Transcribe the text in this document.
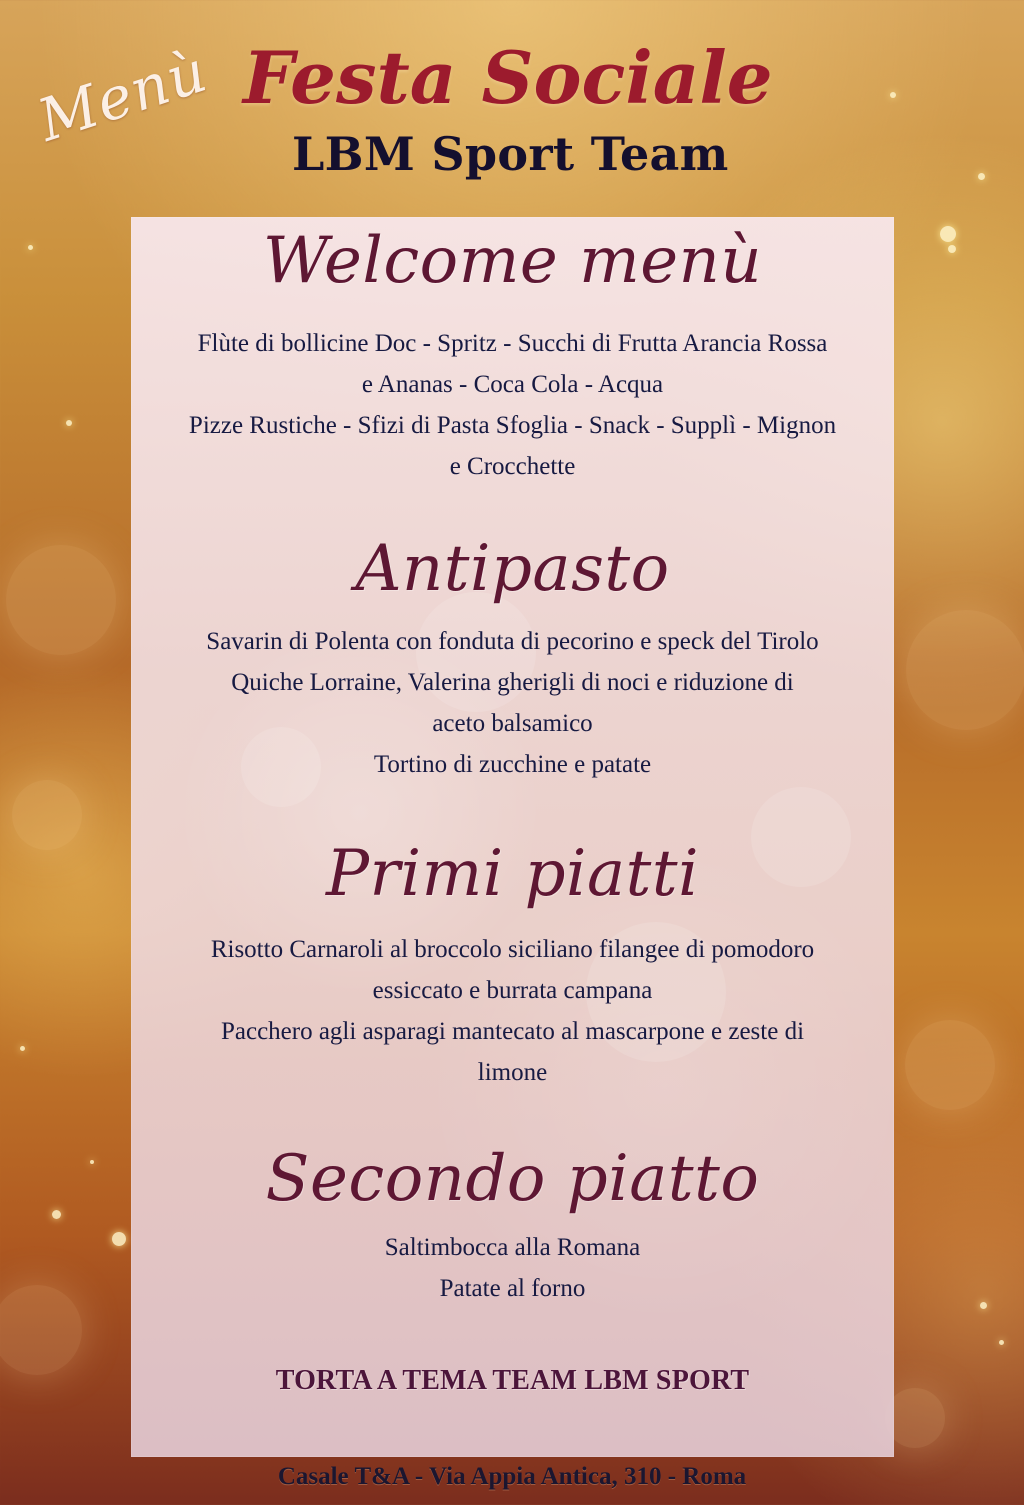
Menù Festa Sociale
LBM Sport Team
Welcome menù
Flùte di bollicine Doc - Spritz - Succhi di Frutta Arancia Rossa
e Ananas - Coca Cola - Acqua
Pizze Rustiche - Sfizi di Pasta Sfoglia - Snack - Supplì - Mignon
e Crocchette
Antipasto
Savarin di Polenta con fonduta di pecorino e speck del Tirolo
Quiche Lorraine, Valerina gherigli di noci e riduzione di
aceto balsamico
Tortino di zucchine e patate
Primi piatti
Risotto Carnaroli al broccolo siciliano filangee di pomodoro
essiccato e burrata campana
Pacchero agli asparagi mantecato al mascarpone e zeste di
limone
Secondo piatto
Saltimbocca alla Romana
Patate al forno
TORTA A TEMA TEAM LBM SPORT
Casale T&A - Via Appia Antica, 310 - Roma
